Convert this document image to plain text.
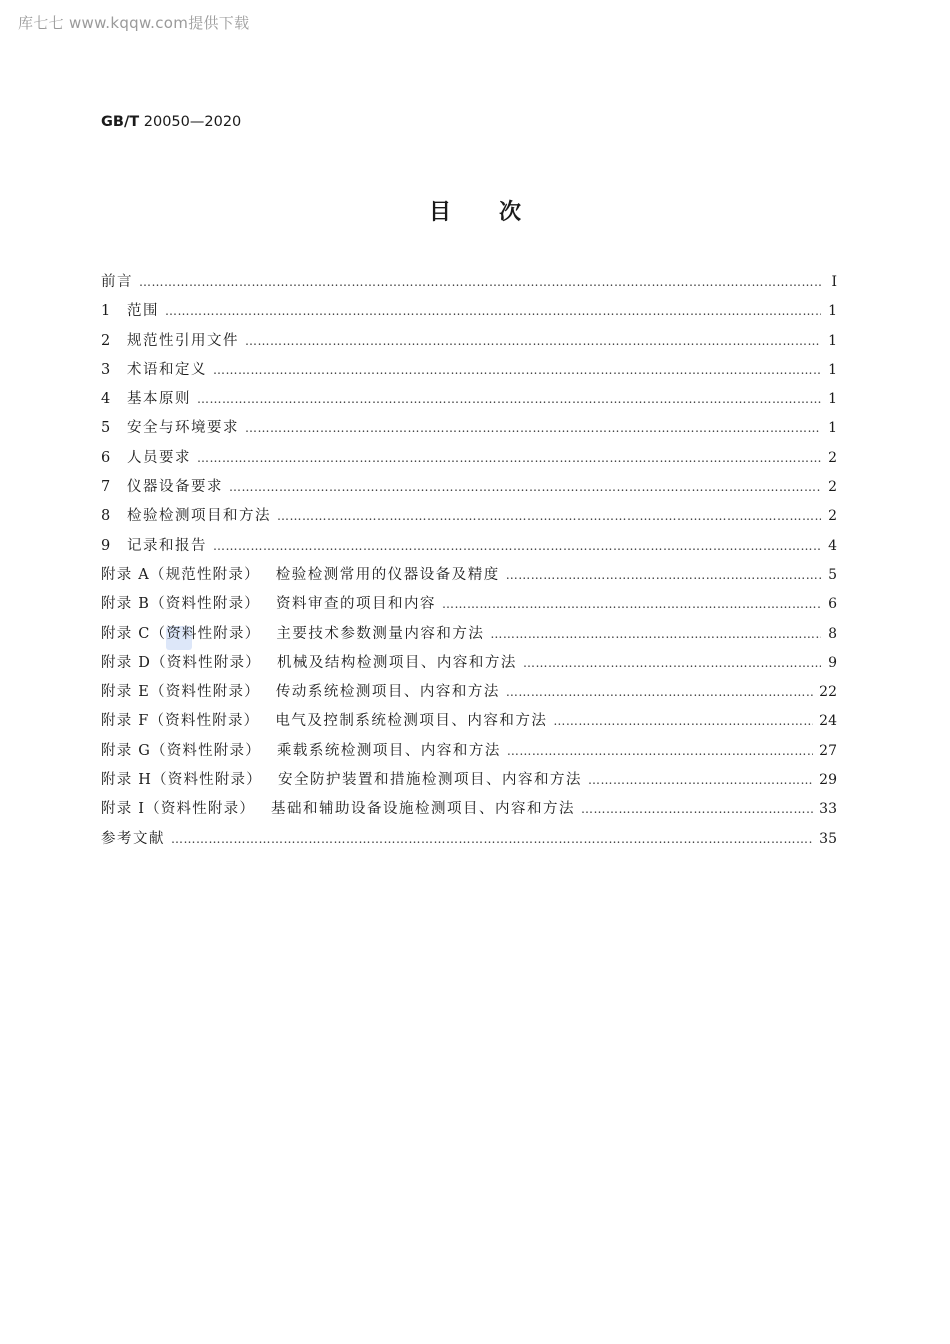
库七七 www.kqqw.com提供下载
GB/T 20050—2020
目次
前言 …………………………………………………………………………………………………………………………………………………………………………………………	Ⅰ
1	范围 …………………………………………………………………………………………………………………………………………………………………………………………	1
2	规范性引用文件 …………………………………………………………………………………………………………………………………………………………………………………………	1
3	术语和定义 …………………………………………………………………………………………………………………………………………………………………………………………	1
4	基本原则 …………………………………………………………………………………………………………………………………………………………………………………………	1
5	安全与环境要求 …………………………………………………………………………………………………………………………………………………………………………………………	1
6	人员要求 …………………………………………………………………………………………………………………………………………………………………………………………	2
7	仪器设备要求 …………………………………………………………………………………………………………………………………………………………………………………………	2
8	检验检测项目和方法 …………………………………………………………………………………………………………………………………………………………………………………………	2
9	记录和报告 …………………………………………………………………………………………………………………………………………………………………………………………	4
附录 A（规范性附录） 检验检测常用的仪器设备及精度 …………………………………………………………………………………………………………………………………………………………………………………………	5
附录 B（资料性附录） 资料审查的项目和内容 …………………………………………………………………………………………………………………………………………………………………………………………	6
附录 C（资料性附录） 主要技术参数测量内容和方法 …………………………………………………………………………………………………………………………………………………………………………………………	8
附录 D（资料性附录） 机械及结构检测项目、内容和方法 …………………………………………………………………………………………………………………………………………………………………………………………	9
附录 E（资料性附录） 传动系统检测项目、内容和方法 …………………………………………………………………………………………………………………………………………………………………………………………	22
附录 F（资料性附录） 电气及控制系统检测项目、内容和方法 …………………………………………………………………………………………………………………………………………………………………………………………	24
附录 G（资料性附录） 乘载系统检测项目、内容和方法 …………………………………………………………………………………………………………………………………………………………………………………………	27
附录 H（资料性附录） 安全防护装置和措施检测项目、内容和方法 …………………………………………………………………………………………………………………………………………………………………………………………	29
附录 I（资料性附录） 基础和辅助设备设施检测项目、内容和方法 …………………………………………………………………………………………………………………………………………………………………………………………	33
参考文献 …………………………………………………………………………………………………………………………………………………………………………………………	35
